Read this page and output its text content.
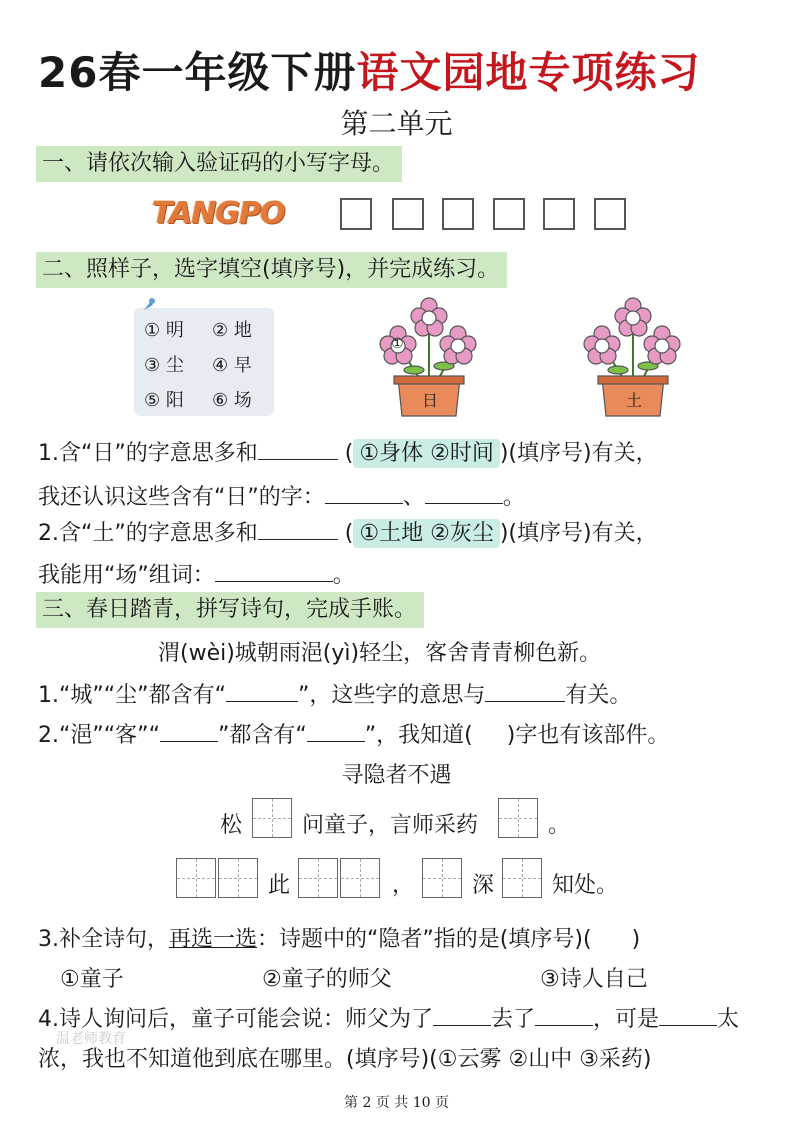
26春一年级下册语文园地专项练习
第二单元
一、请依次输入验证码的小写字母。
TANGPO
二、照样子，选字填空(填序号)，并完成练习。
① 明 ② 地
③ 尘 ④ 早
⑤ 阳 ⑥ 场
①
日	土
1.含“日”的字意思多和	( ①身体 ②时间 )(填序号)有关，
我还认识这些含有“日”的字：	、	。
2.含“土”的字意思多和	( ①土地 ②灰尘 )(填序号)有关，
我能用“场”组词：	。
三、春日踏青，拼写诗句，完成手账。
渭(wèi)城朝雨浥(yì)轻尘，客舍青青柳色新。
1.“城”“尘”都含有“	”，这些字的意思与	有关。
2.“浥”“客”“	”都含有“	”，我知道( )字也有该部件。
寻隐者不遇
松	问童子，言师采药	。
此	，	深	知处。
3.补全诗句，再选一选：诗题中的“隐者”指的是(填序号)( )
①童子	②童子的师父	③诗人自己
4.诗人询问后，童子可能会说：师父为了	去了	，可是	太
温老师教育
浓，我也不知道他到底在哪里。(填序号)(①云雾 ②山中 ③采药)
第 2 页 共 10 页
